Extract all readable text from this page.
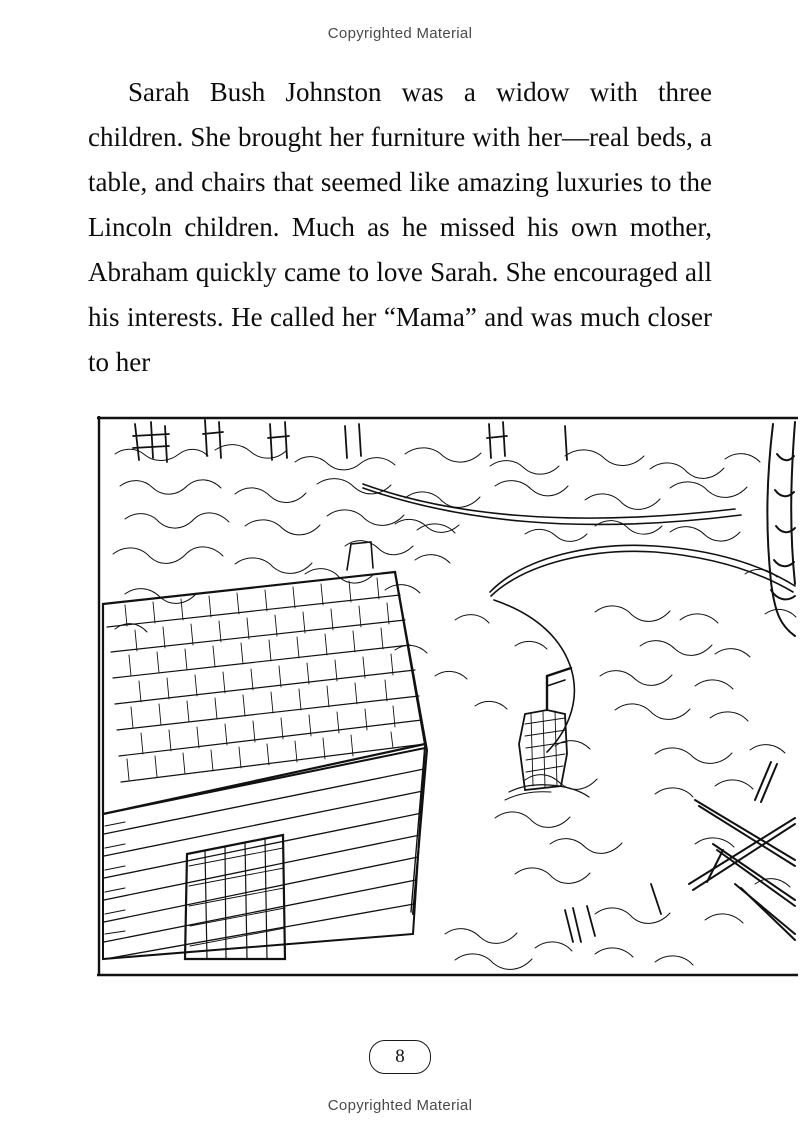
Copyrighted Material
Sarah Bush Johnston was a widow with three children. She brought her furniture with her—real beds, a table, and chairs that seemed like amazing luxuries to the Lincoln children. Much as he missed his own mother, Abraham quickly came to love Sarah. She encouraged all his interests. He called her “Mama” and was much closer to her
8
Copyrighted Material
